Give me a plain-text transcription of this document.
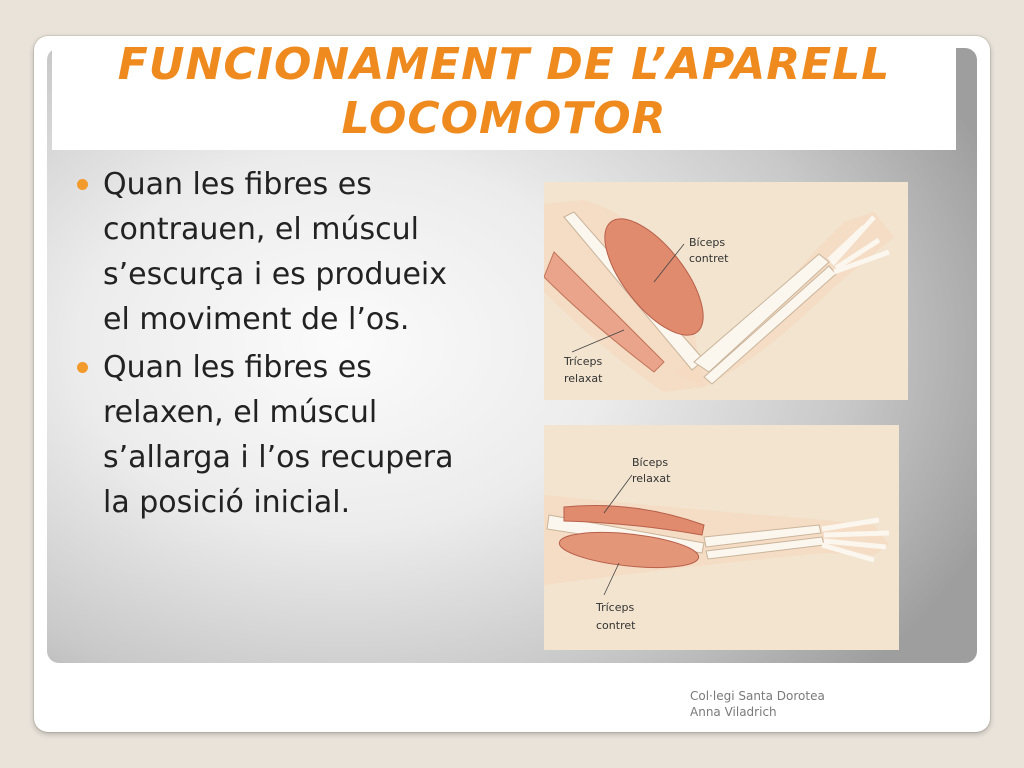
FUNCIONAMENT DE L’APARELL LOCOMOTOR
Quan les fibres es contrauen, el múscul s’escurça i es produeix el moviment de l’os.
Quan les fibres es relaxen, el múscul s’allarga i l’os recupera la posició inicial.
Bíceps
contret
Tríceps
relaxat
Bíceps
relaxat
Tríceps
contret
Col·legi Santa Dorotea
Anna Viladrich
